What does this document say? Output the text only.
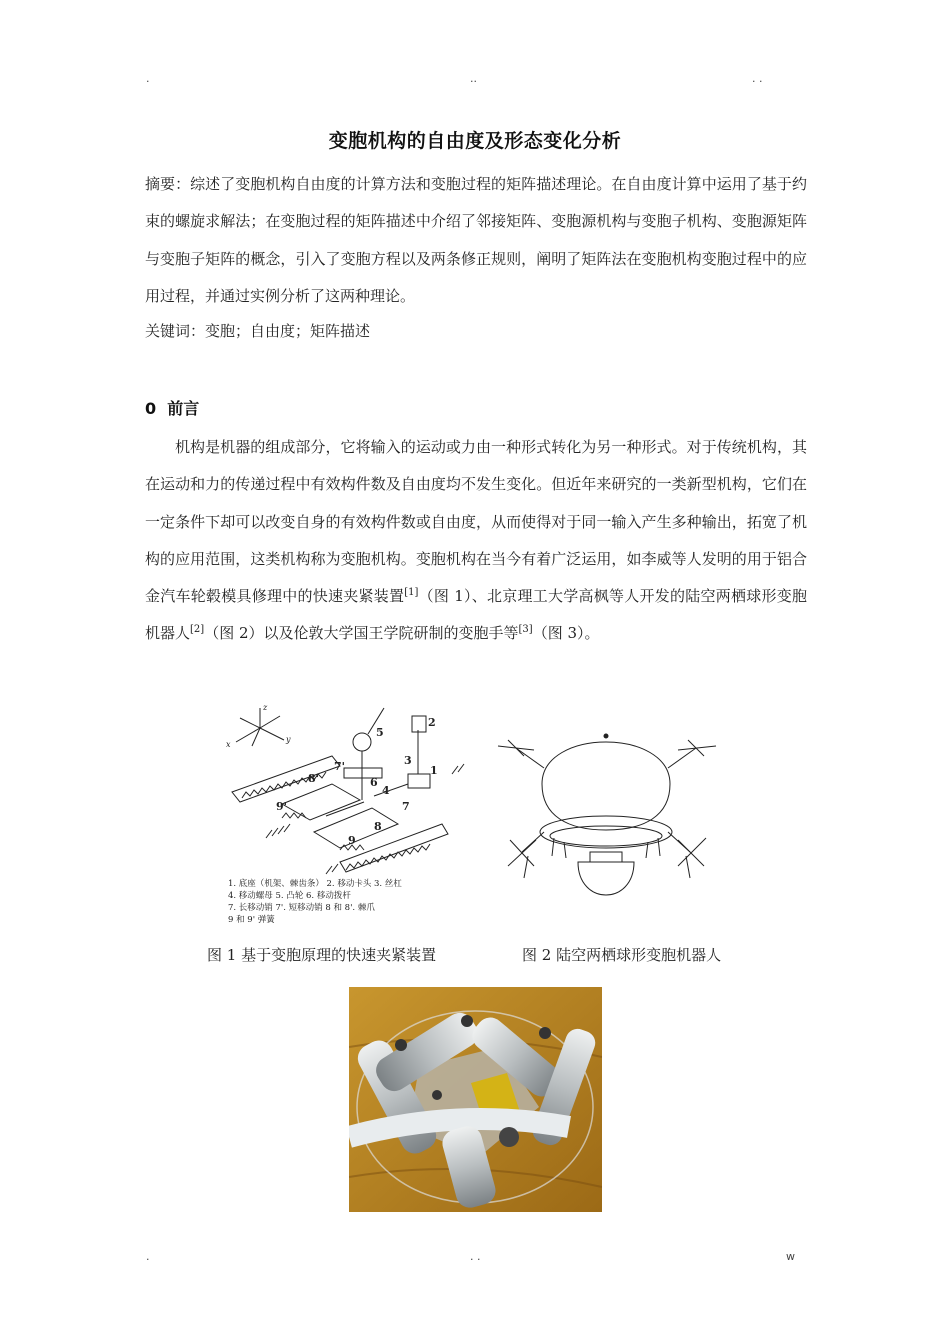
.	..	. .
变胞机构的自由度及形态变化分析

摘要：综述了变胞机构自由度的计算方法和变胞过程的矩阵描述理论。在自由度计算中运用了基于约束的螺旋求解法；在变胞过程的矩阵描述中介绍了邻接矩阵、变胞源机构与变胞子机构、变胞源矩阵与变胞子矩阵的概念，引入了变胞方程以及两条修正规则，阐明了矩阵法在变胞机构变胞过程中的应用过程，并通过实例分析了这两种理论。

关键词：变胞；自由度；矩阵描述

0 前言

机构是机器的组成部分，它将输入的运动或力由一种形式转化为另一种形式。对于传统机构，其在运动和力的传递过程中有效构件数及自由度均不发生变化。但近年来研究的一类新型机构，它们在一定条件下却可以改变自身的有效构件数或自由度，从而使得对于同一输入产生多种输出，拓宽了机构的应用范围，这类机构称为变胞机构。变胞机构在当今有着广泛运用，如李威等人发明的用于铝合金汽车轮毂模具修理中的快速夹紧装置[1]（图 1）、北京理工大学高枫等人开发的陆空两栖球形变胞机器人[2]（图 2）以及伦敦大学国王学院研制的变胞手等[3]（图 3）。

1
2
3
4
5
6
7
7'
8
8'
9
9'
x
y
z
1. 底座（机架、棘齿条） 2. 移动卡头 3. 丝杠
4. 移动螺母 5. 凸轮 6. 移动拨杆
7. 长移动销 7'. 短移动销 8 和 8'. 棘爪
9 和 9' 弹簧
图 1 基于变胞原理的快速夹紧装置	图 2 陆空两栖球形变胞机器人
.	. .	w
